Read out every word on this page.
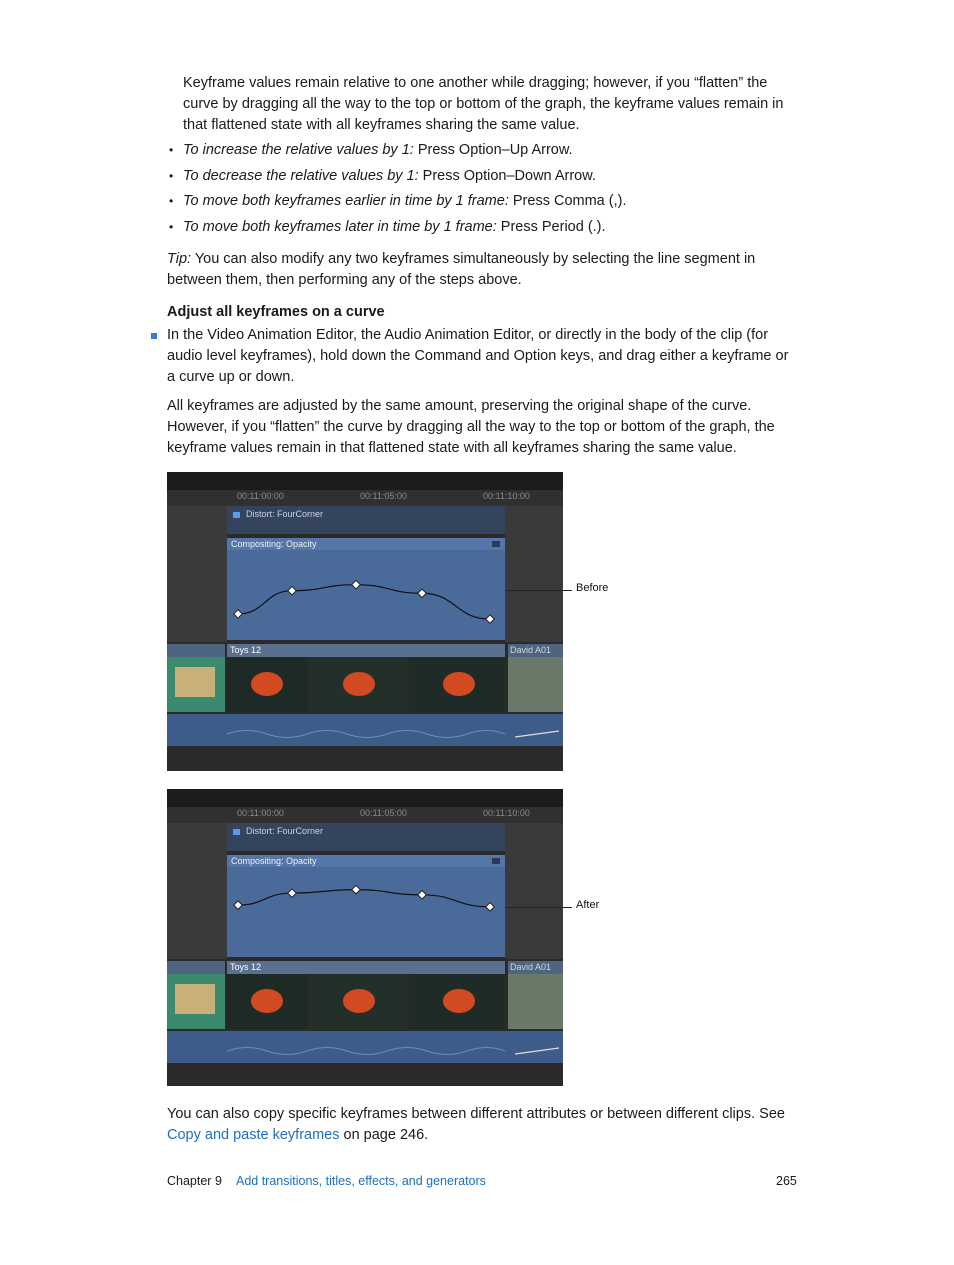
Keyframe values remain relative to one another while dragging; however, if you “flatten” the curve by dragging all the way to the top or bottom of the graph, the keyframe values remain in that flattened state with all keyframes sharing the same value.

• To increase the relative values by 1: Press Option–Up Arrow.
• To decrease the relative values by 1: Press Option–Down Arrow.
• To move both keyframes earlier in time by 1 frame: Press Comma (,).
• To move both keyframes later in time by 1 frame: Press Period (.).

Tip: You can also modify any two keyframes simultaneously by selecting the line segment in between them, then performing any of the steps above.

Adjust all keyframes on a curve

In the Video Animation Editor, the Audio Animation Editor, or directly in the body of the clip (for audio level keyframes), hold down the Command and Option keys, and drag either a keyframe or a curve up or down.

All keyframes are adjusted by the same amount, preserving the original shape of the curve. However, if you “flatten” the curve by dragging all the way to the top or bottom of the graph, the keyframe values remain in that flattened state with all keyframes sharing the same value.

00:11:00:00	00:11:05:00	00:11:10:00
Distort: FourCorner
Compositing: Opacity
Toys 12	David A01
Before
00:11:00:00	00:11:05:00	00:11:10:00
Distort: FourCorner
Compositing: Opacity
Toys 12	David A01
After

You can also copy specific keyframes between different attributes or between different clips. See Copy and paste keyframes on page 246.

Chapter 9 Add transitions, titles, effects, and generators	265
